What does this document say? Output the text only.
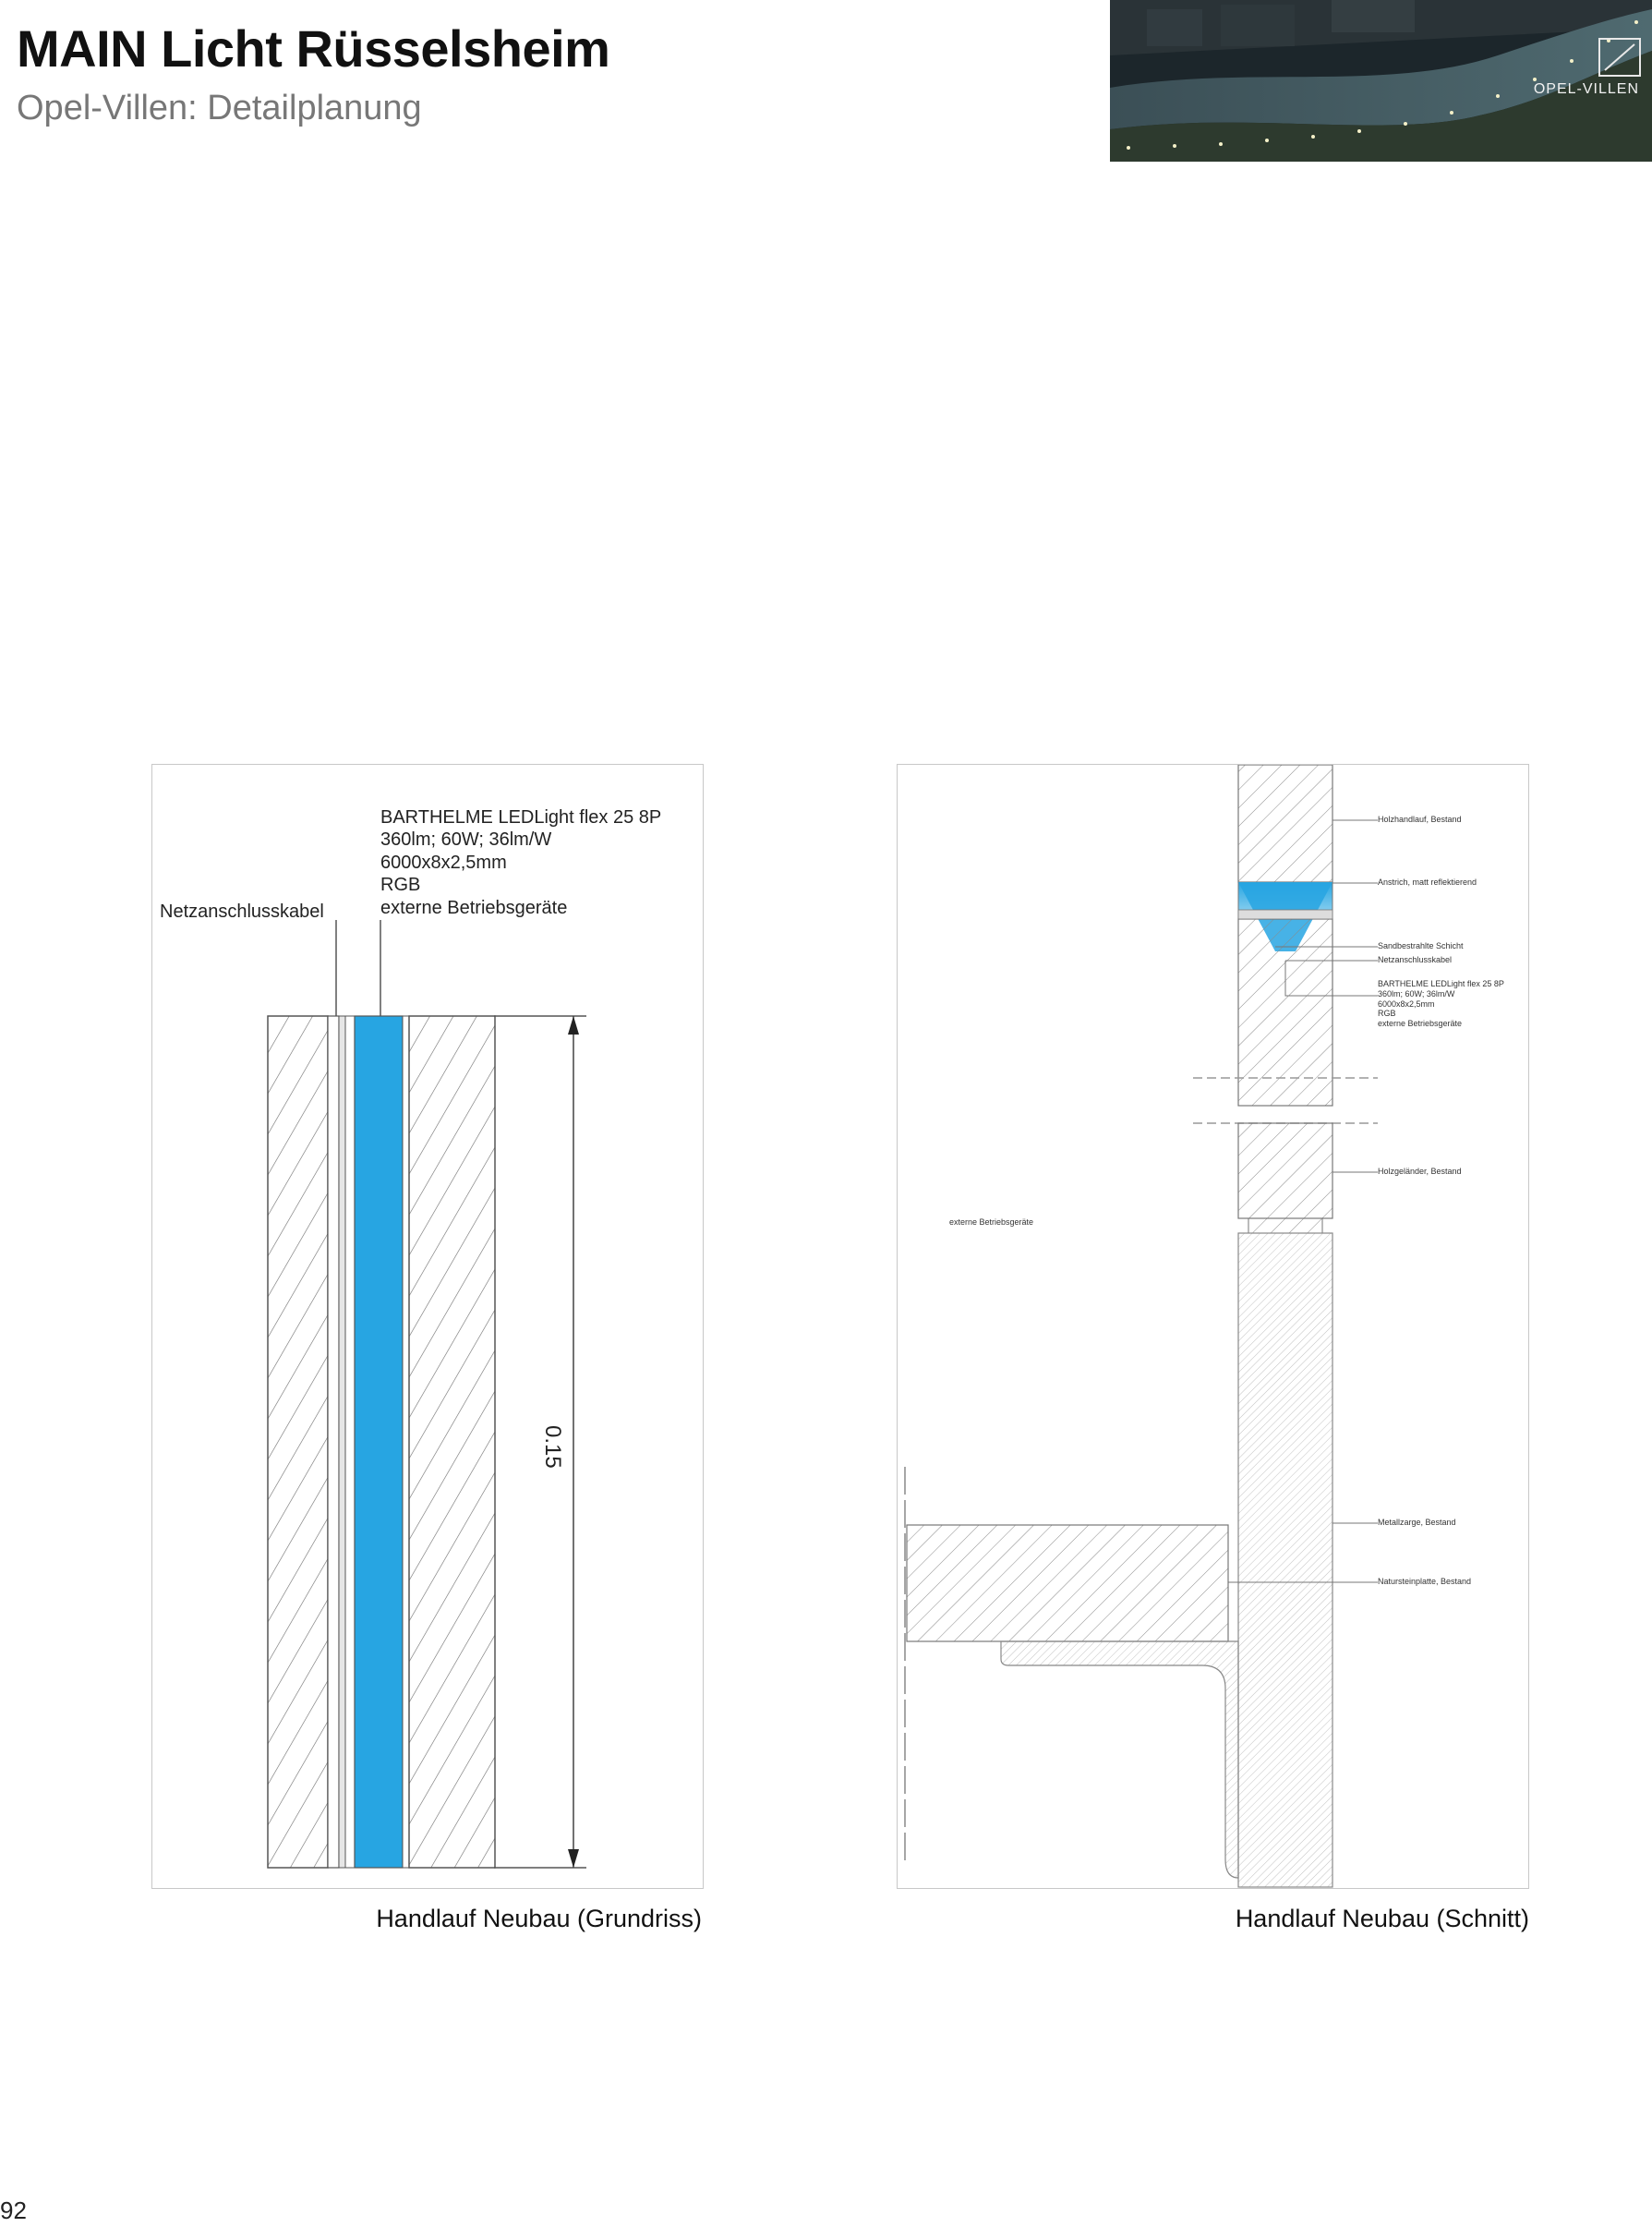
MAIN Licht Rüsselsheim
Opel-Villen: Detailplanung	OPEL-VILLEN
Netzanschlusskabel
BARTHELME LEDLight flex 25 8P
360lm; 60W; 36lm/W
6000x8x2,5mm
RGB
externe Betriebsgeräte
0.15
Handlauf Neubau (Grundriss)
Holzhandlauf, Bestand
Anstrich, matt reflektierend
Sandbestrahlte Schicht
Netzanschlusskabel
BARTHELME LEDLight flex 25 8P
360lm; 60W; 36lm/W
6000x8x2,5mm
RGB
externe Betriebsgeräte
Holzgeländer, Bestand
externe Betriebsgeräte
Metallzarge, Bestand
Natursteinplatte, Bestand
Handlauf Neubau (Schnitt)
92
